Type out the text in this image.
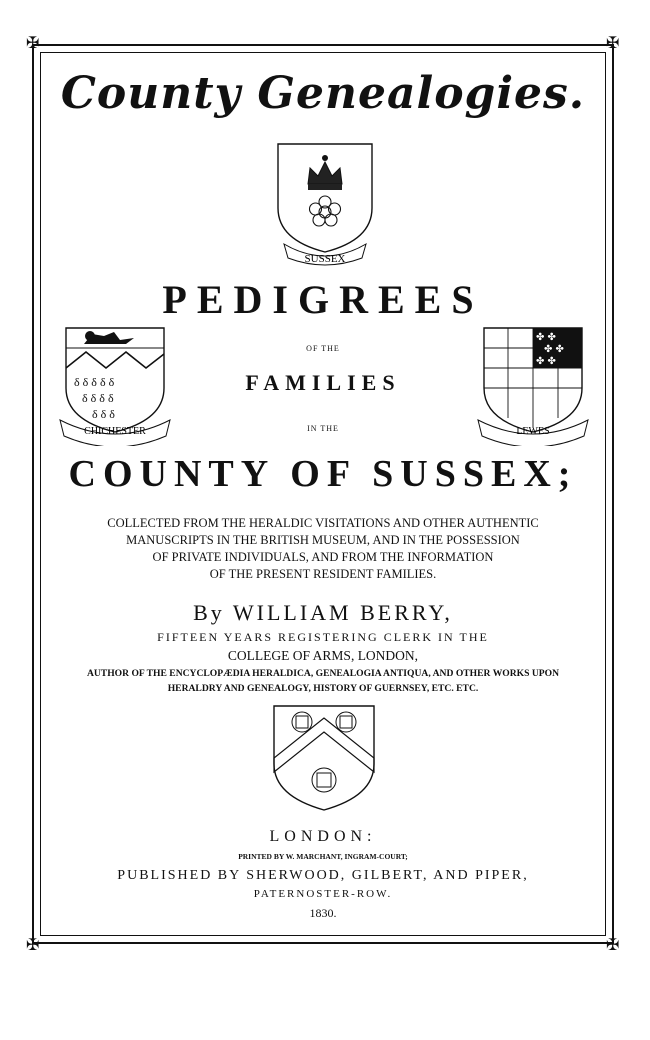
✠	✠
✠	✠
County Genealogies.
SUSSEX
PEDIGREES
δ δ δ δ δ
δ δ δ δ
δ δ δ
CHICHESTER
✤ ✤
✤ ✤
✤ ✤
LEWES
OF THE
FAMILIES
IN THE
COUNTY OF SUSSEX;
COLLECTED FROM THE HERALDIC VISITATIONS AND OTHER AUTHENTIC
MANUSCRIPTS IN THE BRITISH MUSEUM, AND IN THE POSSESSION
OF PRIVATE INDIVIDUALS, AND FROM THE INFORMATION
OF THE PRESENT RESIDENT FAMILIES.
By WILLIAM BERRY,
FIFTEEN YEARS REGISTERING CLERK IN THE
COLLEGE OF ARMS, LONDON,
AUTHOR OF THE ENCYCLOPÆDIA HERALDICA, GENEALOGIA ANTIQUA, AND OTHER WORKS UPON
HERALDRY AND GENEALOGY, HISTORY OF GUERNSEY, ETC. ETC.
LONDON:
PRINTED BY W. MARCHANT, INGRAM-COURT;
PUBLISHED BY SHERWOOD, GILBERT, AND PIPER,
PATERNOSTER-ROW.
1830.
